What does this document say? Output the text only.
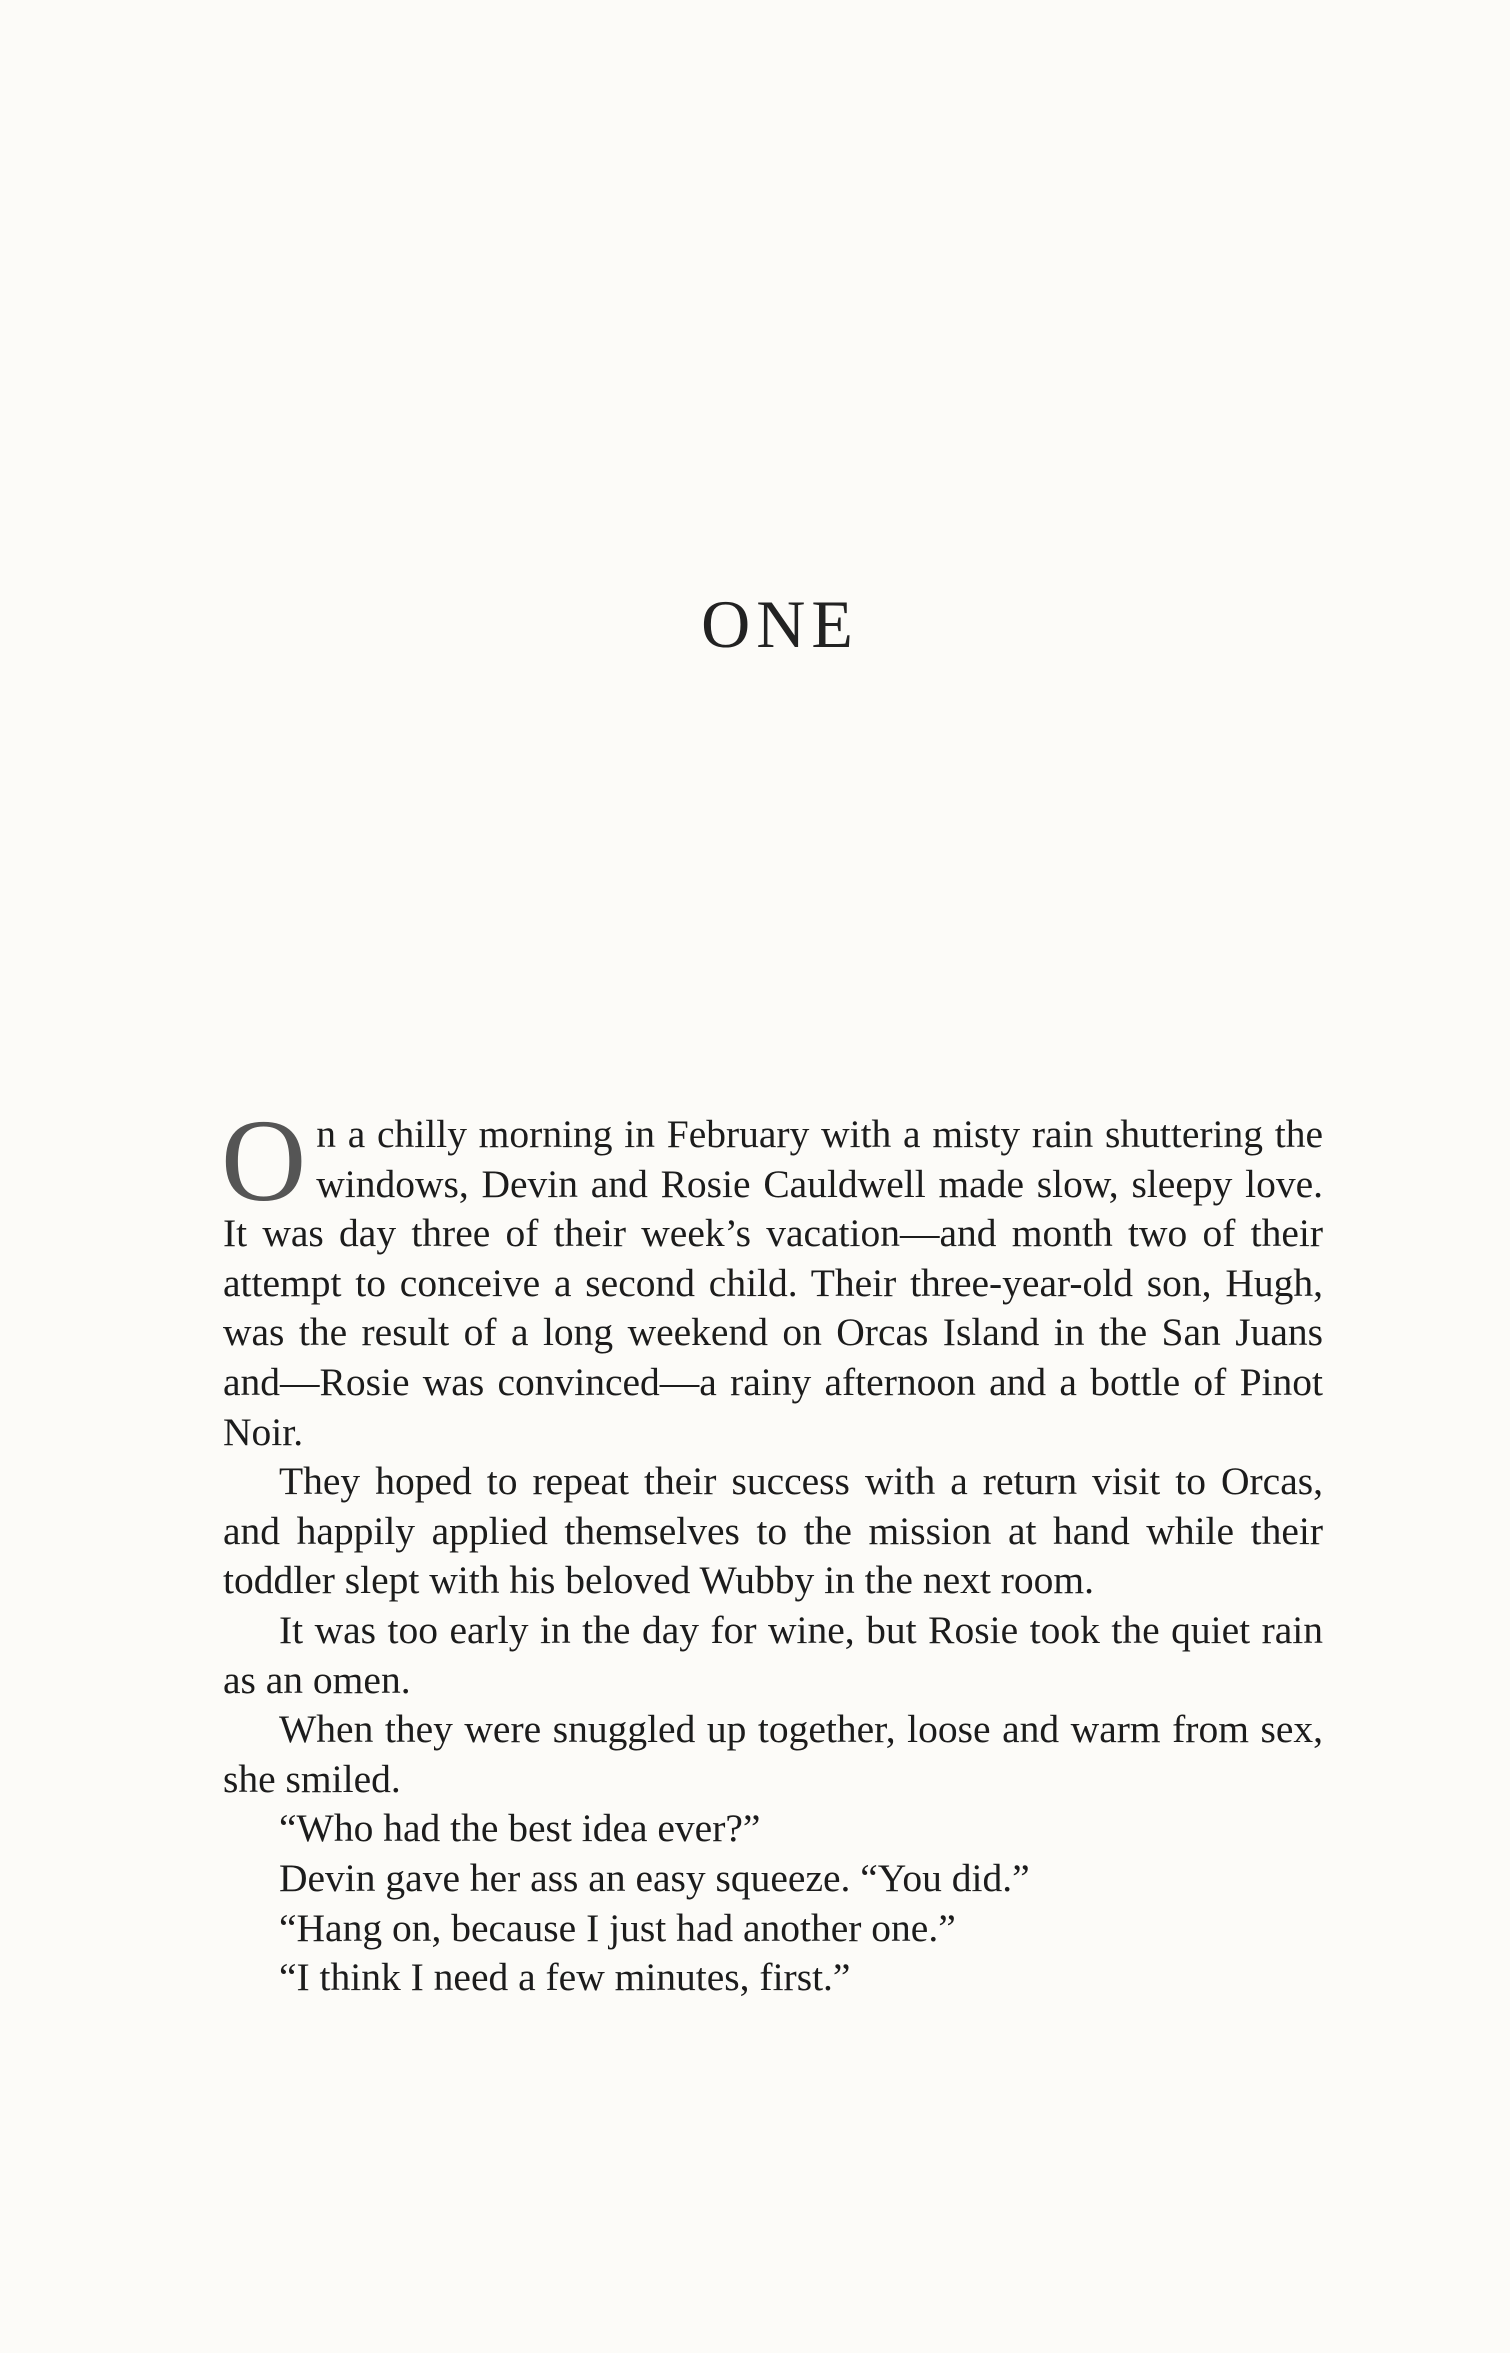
ONE

On a chilly morning in February with a misty rain shuttering the windows, Devin and Rosie Cauldwell made slow, sleepy love. It was day three of their week’s vacation—and month two of their attempt to conceive a second child. Their three-year-old son, Hugh, was the result of a long weekend on Orcas Island in the San Juans and—Rosie was convinced—a rainy afternoon and a bottle of Pinot Noir.

They hoped to repeat their success with a return visit to Orcas, and happily applied themselves to the mission at hand while their toddler slept with his beloved Wubby in the next room.

It was too early in the day for wine, but Rosie took the quiet rain as an omen.

When they were snuggled up together, loose and warm from sex, she smiled.

“Who had the best idea ever?”

Devin gave her ass an easy squeeze. “You did.”

“Hang on, because I just had another one.”

“I think I need a few minutes, first.”
